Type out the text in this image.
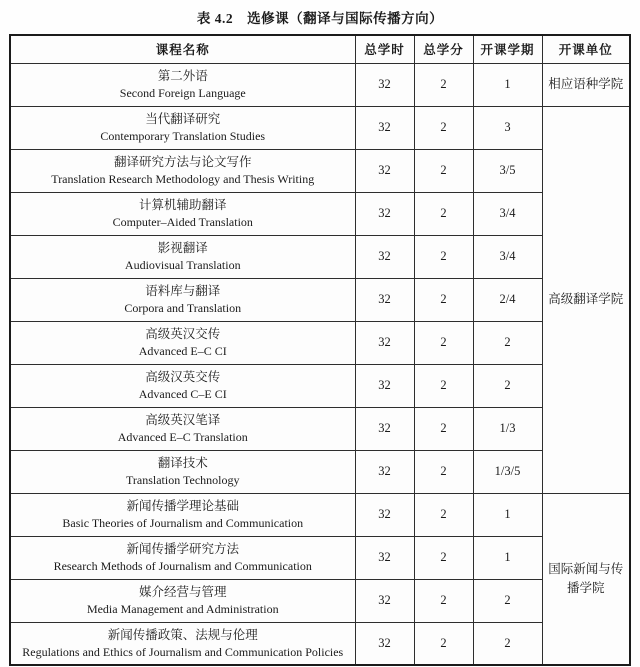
表 4.2　选修课（翻译与国际传播方向）
课程名称	总学时	总学分	开课学期	开课单位

第二外语
Second Foreign Language	32	2	1	相应语种学院

当代翻译研究
Contemporary Translation Studies	32	2	3	高级翻译学院

翻译研究方法与论文写作
Translation Research Methodology and Thesis Writing	32	2	3/5	

计算机辅助翻译
Computer–Aided Translation	32	2	3/4	

影视翻译
Audiovisual Translation	32	2	3/4	

语料库与翻译
Corpora and Translation	32	2	2/4	

高级英汉交传
Advanced E–C CI	32	2	2	

高级汉英交传
Advanced C–E CI	32	2	2	

高级英汉笔译
Advanced E–C Translation	32	2	1/3	

翻译技术
Translation Technology	32	2	1/3/5	

新闻传播学理论基础
Basic Theories of Journalism and Communication	32	2	1	国际新闻与传播学院

新闻传播学研究方法
Research Methods of Journalism and Communication	32	2	1	

媒介经营与管理
Media Management and Administration	32	2	2	

新闻传播政策、法规与伦理
Regulations and Ethics of Journalism and Communication Policies	32	2	2	
